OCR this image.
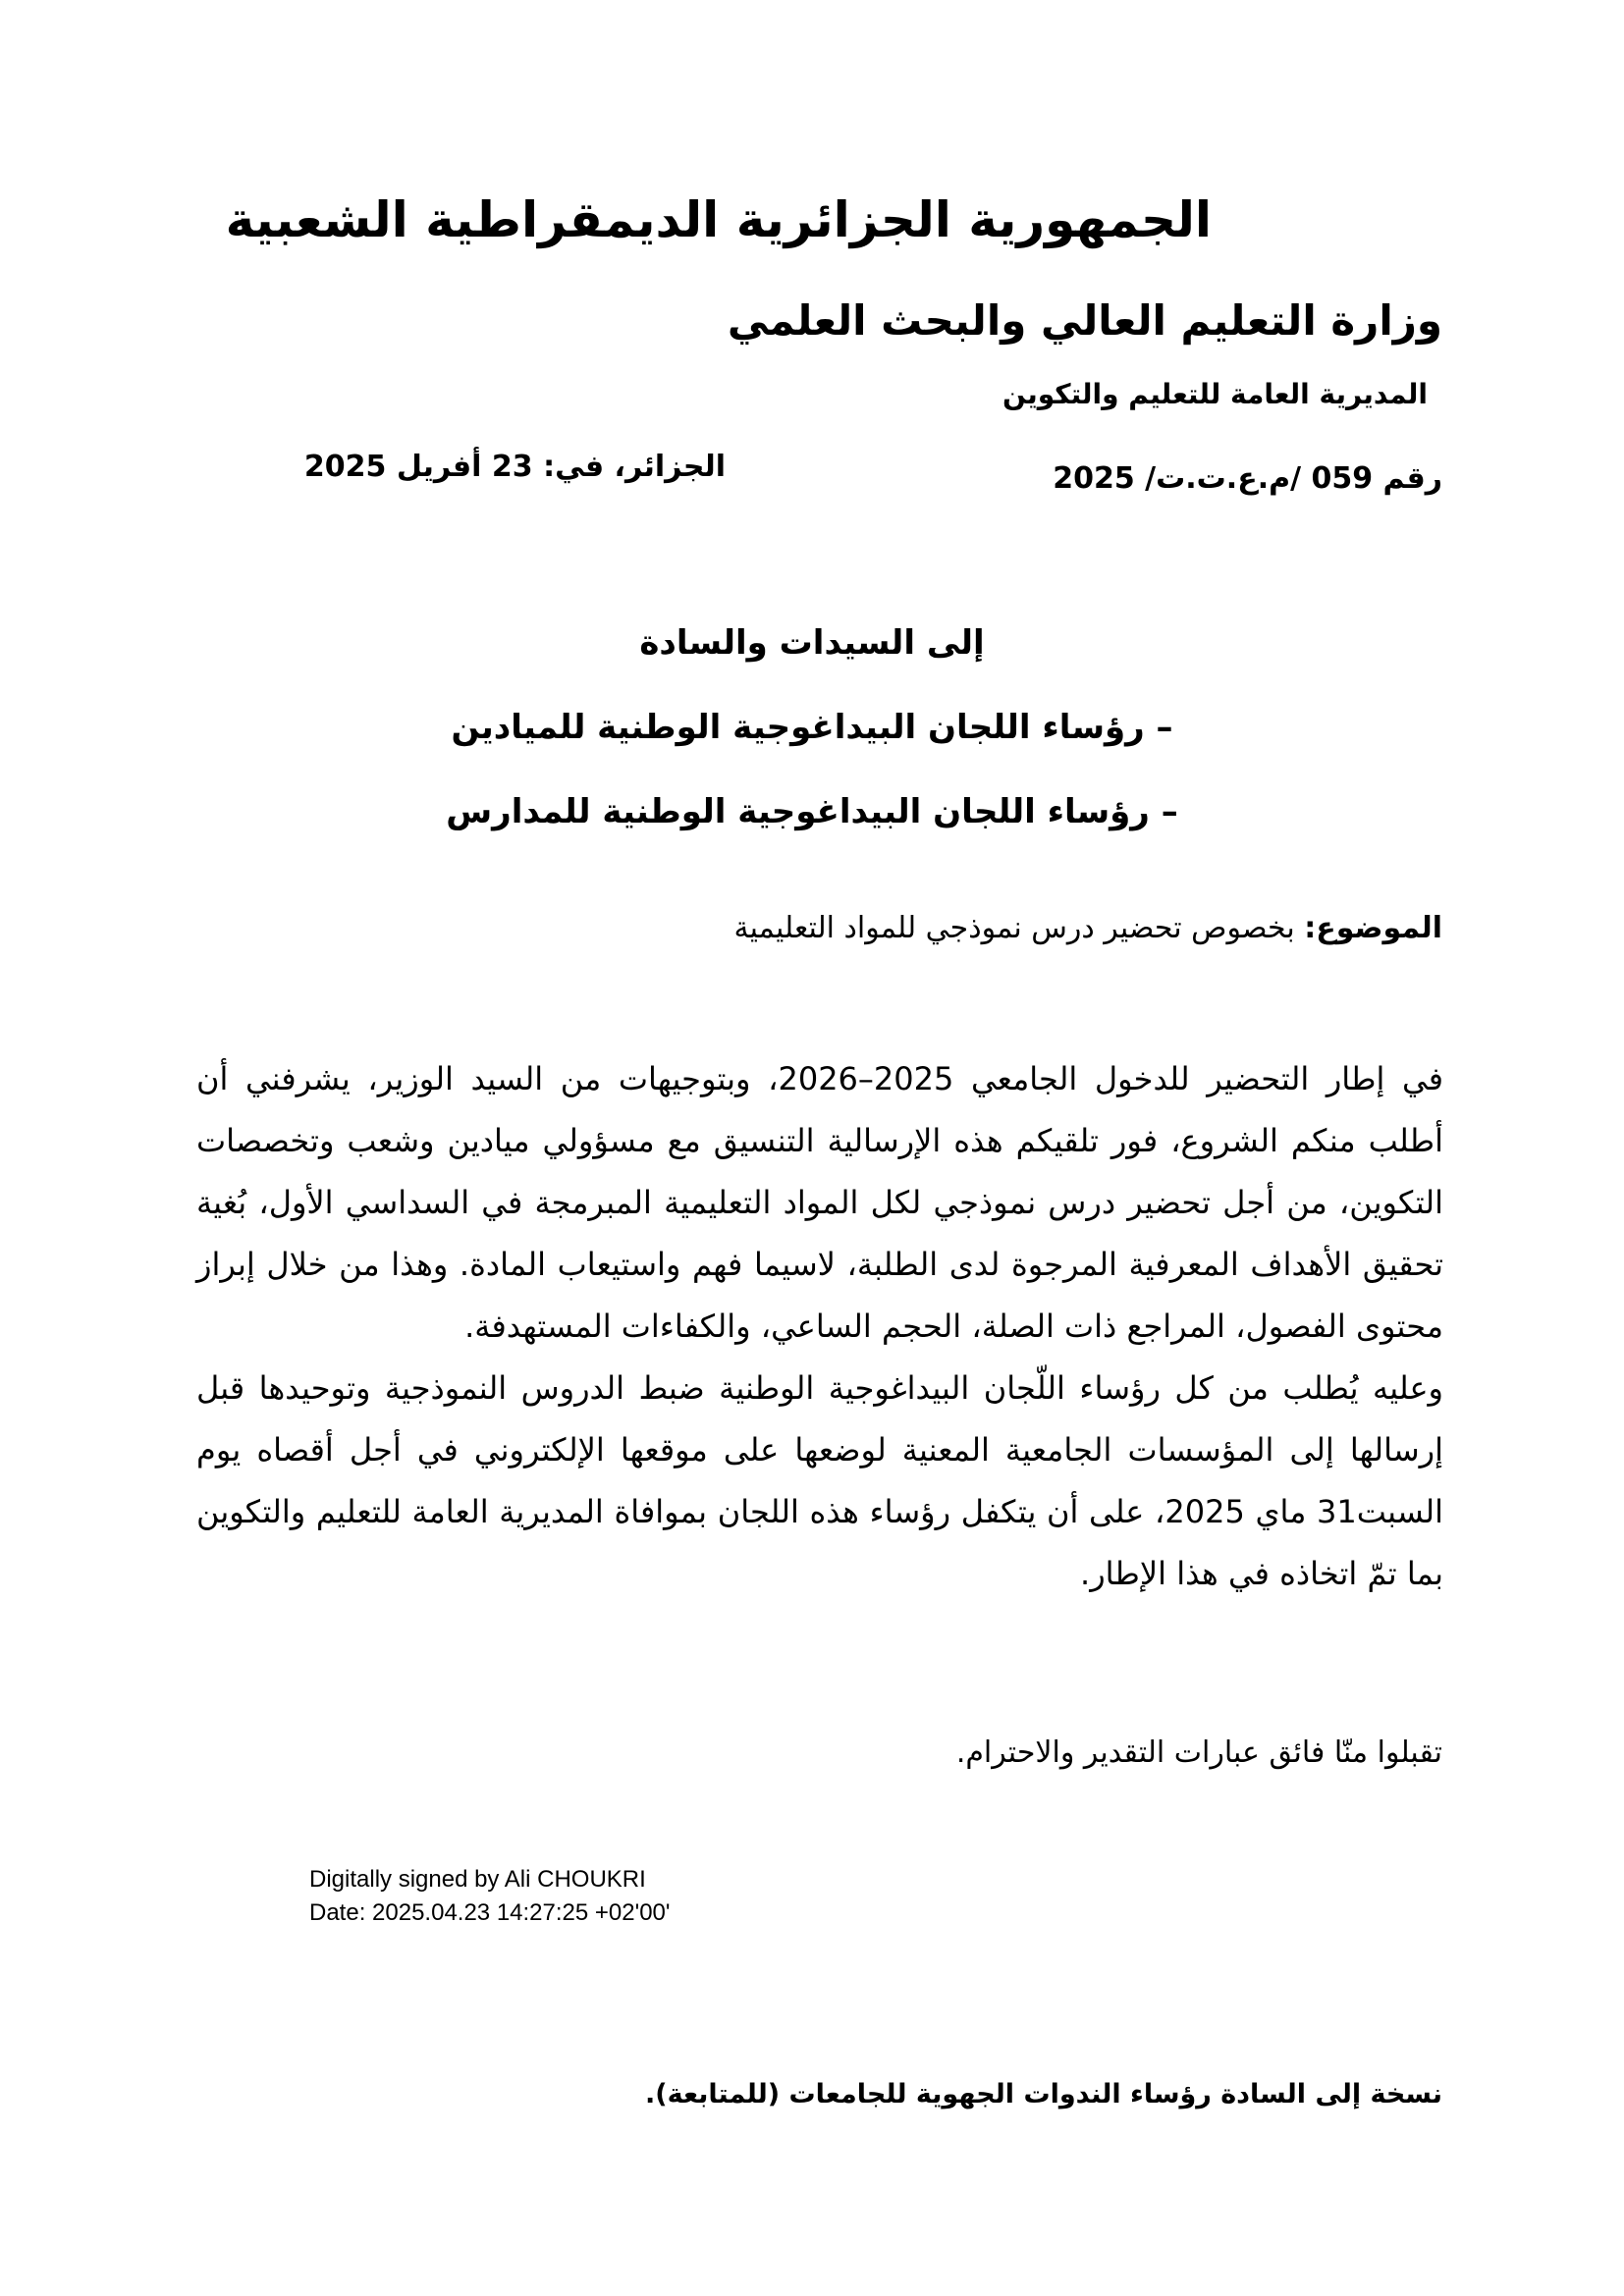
الجمهورية الجزائرية الديمقراطية الشعبية
وزارة التعليم العالي والبحث العلمي
المديرية العامة للتعليم والتكوين
رقم 059 /م.ع.ت.ت/ 2025
الجزائر، في: 23 أفريل 2025
إلى السيدات والسادة
– رؤساء اللجان البيداغوجية الوطنية للميادين
– رؤساء اللجان البيداغوجية الوطنية للمدارس
الموضوع: بخصوص تحضير درس نموذجي للمواد التعليمية

في إطار التحضير للدخول الجامعي 2025–2026، وبتوجيهات من السيد الوزير، يشرفني أن أطلب منكم الشروع، فور تلقيكم هذه الإرسالية التنسيق مع مسؤولي ميادين وشعب وتخصصات التكوين، من أجل تحضير درس نموذجي لكل المواد التعليمية المبرمجة في السداسي الأول، بُغية تحقيق الأهداف المعرفية المرجوة لدى الطلبة، لاسيما فهم واستيعاب المادة. وهذا من خلال إبراز محتوى الفصول، المراجع ذات الصلة، الحجم الساعي، والكفاءات المستهدفة.

وعليه يُطلب من كل رؤساء اللّجان البيداغوجية الوطنية ضبط الدروس النموذجية وتوحيدها قبل إرسالها إلى المؤسسات الجامعية المعنية لوضعها على موقعها الإلكتروني في أجل أقصاه يوم السبت31 ماي 2025، على أن يتكفل رؤساء هذه اللجان بموافاة المديرية العامة للتعليم والتكوين بما تمّ اتخاذه في هذا الإطار.

تقبلوا منّا فائق عبارات التقدير والاحترام.
Digitally signed by Ali CHOUKRI
Date: 2025.04.23 14:27:25 +02'00'
نسخة إلى السادة رؤساء الندوات الجهوية للجامعات (للمتابعة).
